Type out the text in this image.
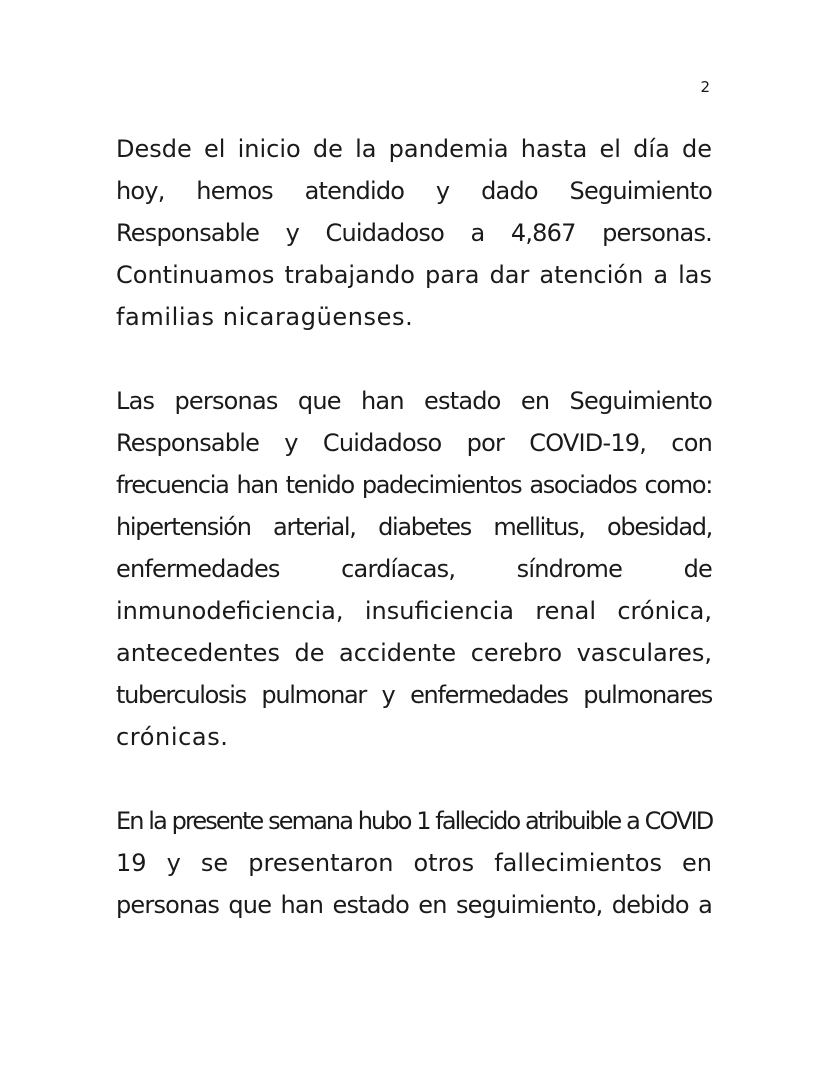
2

Desde el inicio de la pandemia hasta el día de
hoy, hemos atendido y dado Seguimiento
Responsable y Cuidadoso a 4,867 personas.
Continuamos trabajando para dar atención a las
familias nicaragüenses.

Las personas que han estado en Seguimiento
Responsable y Cuidadoso por COVID-19, con
frecuencia han tenido padecimientos asociados como:
hipertensión arterial, diabetes mellitus, obesidad,
enfermedades cardíacas, síndrome de
inmunodeficiencia, insuficiencia renal crónica,
antecedentes de accidente cerebro vasculares,
tuberculosis pulmonar y enfermedades pulmonares
crónicas.

En la presente semana hubo 1 fallecido atribuible a COVID
19 y se presentaron otros fallecimientos en
personas que han estado en seguimiento, debido a
